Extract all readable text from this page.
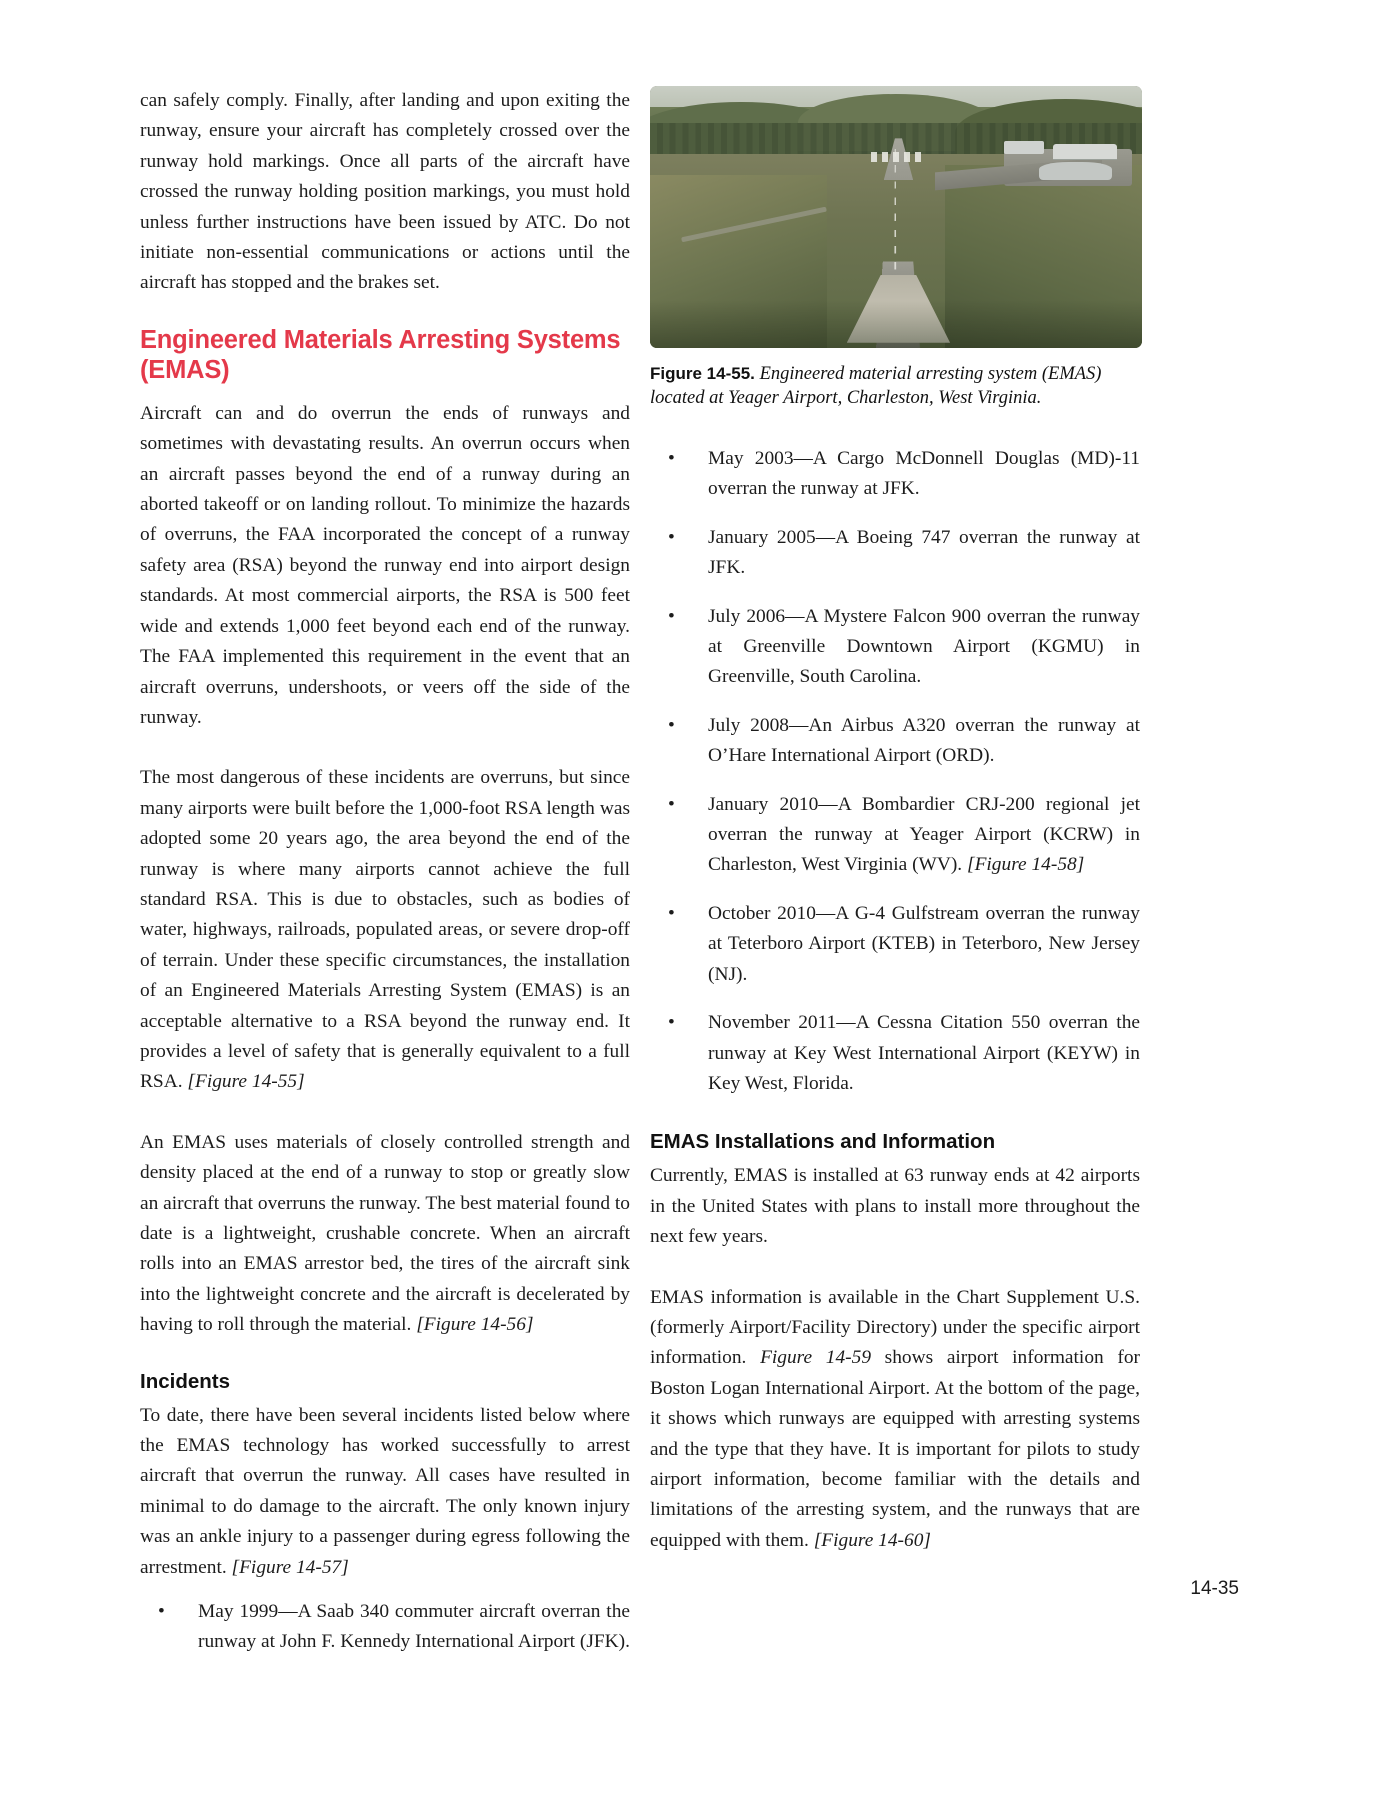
can safely comply. Finally, after landing and upon exiting the runway, ensure your aircraft has completely crossed over the runway hold markings. Once all parts of the aircraft have crossed the runway holding position markings, you must hold unless further instructions have been issued by ATC. Do not initiate non-essential communications or actions until the aircraft has stopped and the brakes set.

Engineered Materials Arresting Systems (EMAS)

Aircraft can and do overrun the ends of runways and sometimes with devastating results. An overrun occurs when an aircraft passes beyond the end of a runway during an aborted takeoff or on landing rollout. To minimize the hazards of overruns, the FAA incorporated the concept of a runway safety area (RSA) beyond the runway end into airport design standards. At most commercial airports, the RSA is 500 feet wide and extends 1,000 feet beyond each end of the runway. The FAA implemented this requirement in the event that an aircraft overruns, undershoots, or veers off the side of the runway.

The most dangerous of these incidents are overruns, but since many airports were built before the 1,000-foot RSA length was adopted some 20 years ago, the area beyond the end of the runway is where many airports cannot achieve the full standard RSA. This is due to obstacles, such as bodies of water, highways, railroads, populated areas, or severe drop-off of terrain. Under these specific circumstances, the installation of an Engineered Materials Arresting System (EMAS) is an acceptable alternative to a RSA beyond the runway end. It provides a level of safety that is generally equivalent to a full RSA. [Figure 14-55]

An EMAS uses materials of closely controlled strength and density placed at the end of a runway to stop or greatly slow an aircraft that overruns the runway. The best material found to date is a lightweight, crushable concrete. When an aircraft rolls into an EMAS arrestor bed, the tires of the aircraft sink into the lightweight concrete and the aircraft is decelerated by having to roll through the material. [Figure 14-56]

Incidents

To date, there have been several incidents listed below where the EMAS technology has worked successfully to arrest aircraft that overrun the runway. All cases have resulted in minimal to do damage to the aircraft. The only known injury was an ankle injury to a passenger during egress following the arrestment. [Figure 14-57]

• May 1999—A Saab 340 commuter aircraft overran the runway at John F. Kennedy International Airport (JFK).
Figure 14-55. Engineered material arresting system (EMAS) located at Yeager Airport, Charleston, West Virginia.
• May 2003—A Cargo McDonnell Douglas (MD)-11 overran the runway at JFK.
• January 2005—A Boeing 747 overran the runway at JFK.
• July 2006—A Mystere Falcon 900 overran the runway at Greenville Downtown Airport (KGMU) in Greenville, South Carolina.
• July 2008—An Airbus A320 overran the runway at O’Hare International Airport (ORD).
• January 2010—A Bombardier CRJ-200 regional jet overran the runway at Yeager Airport (KCRW) in Charleston, West Virginia (WV). [Figure 14-58]
• October 2010—A G-4 Gulfstream overran the runway at Teterboro Airport (KTEB) in Teterboro, New Jersey (NJ).
• November 2011—A Cessna Citation 550 overran the runway at Key West International Airport (KEYW) in Key West, Florida.
EMAS Installations and Information

Currently, EMAS is installed at 63 runway ends at 42 airports in the United States with plans to install more throughout the next few years.

EMAS information is available in the Chart Supplement U.S. (formerly Airport/Facility Directory) under the specific airport information. Figure 14-59 shows airport information for Boston Logan International Airport. At the bottom of the page, it shows which runways are equipped with arresting systems and the type that they have. It is important for pilots to study airport information, become familiar with the details and limitations of the arresting system, and the runways that are equipped with them. [Figure 14-60]

14-35
